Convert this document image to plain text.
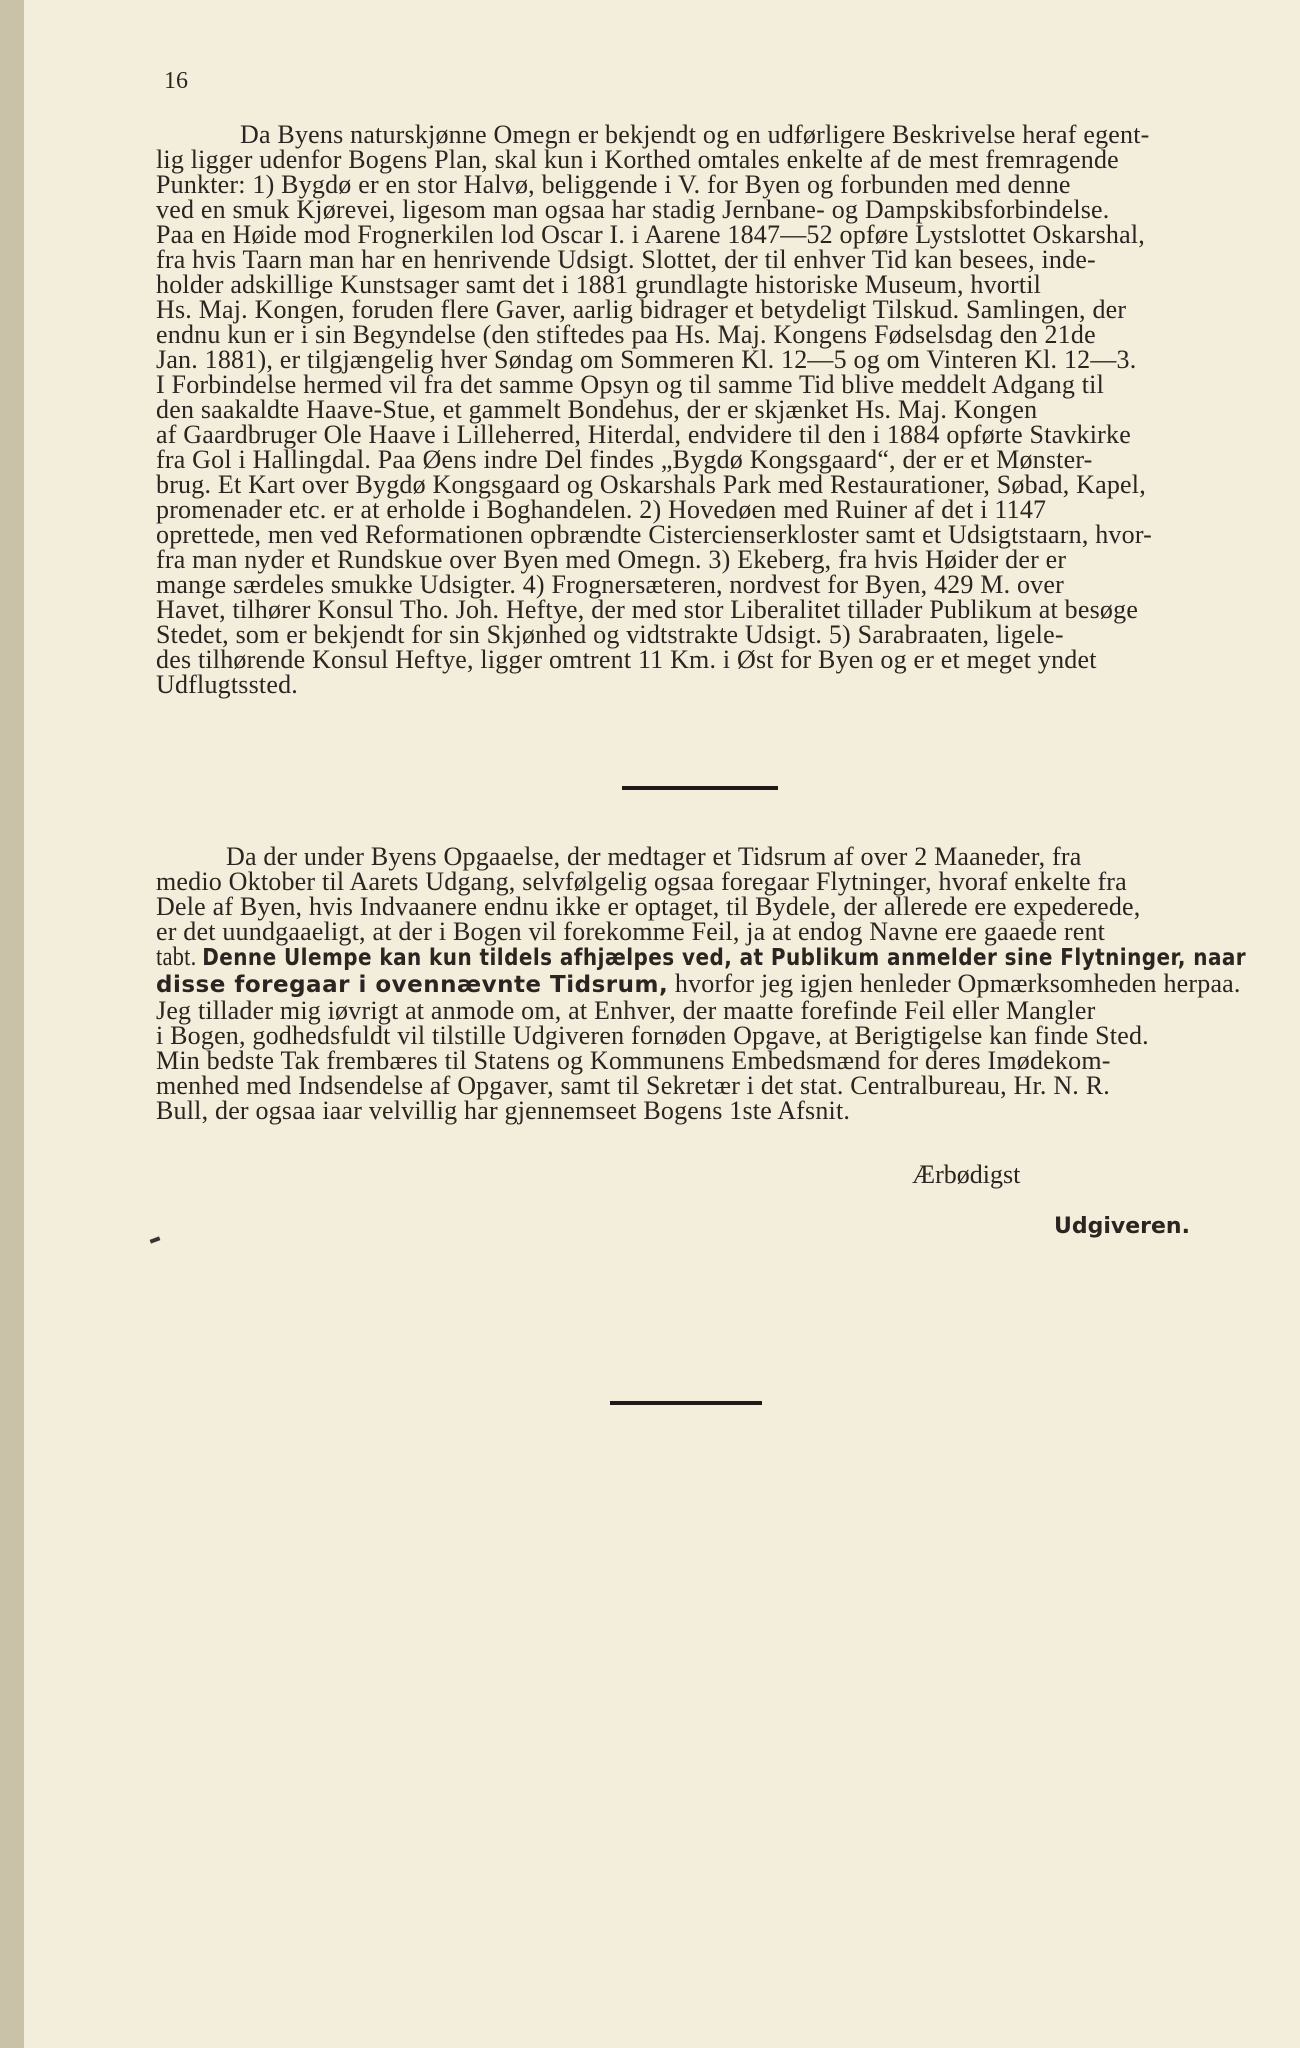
16
Da Byens naturskjønne Omegn er bekjendt og en udførligere Beskrivelse heraf egent-
lig ligger udenfor Bogens Plan, skal kun i Korthed omtales enkelte af de mest fremragende
Punkter: 1) Bygdø er en stor Halvø, beliggende i V. for Byen og forbunden med denne
ved en smuk Kjørevei, ligesom man ogsaa har stadig Jernbane- og Dampskibsforbindelse.
Paa en Høide mod Frognerkilen lod Oscar I. i Aarene 1847—52 opføre Lystslottet Oskarshal,
fra hvis Taarn man har en henrivende Udsigt. Slottet, der til enhver Tid kan besees, inde-
holder adskillige Kunstsager samt det i 1881 grundlagte historiske Museum, hvortil
Hs. Maj. Kongen, foruden flere Gaver, aarlig bidrager et betydeligt Tilskud. Samlingen, der
endnu kun er i sin Begyndelse (den stiftedes paa Hs. Maj. Kongens Fødselsdag den 21de
Jan. 1881), er tilgjængelig hver Søndag om Sommeren Kl. 12—5 og om Vinteren Kl. 12—3.
I Forbindelse hermed vil fra det samme Opsyn og til samme Tid blive meddelt Adgang til
den saakaldte Haave-Stue, et gammelt Bondehus, der er skjænket Hs. Maj. Kongen
af Gaardbruger Ole Haave i Lilleherred, Hiterdal, endvidere til den i 1884 opførte Stavkirke
fra Gol i Hallingdal. Paa Øens indre Del findes „Bygdø Kongsgaard“, der er et Mønster-
brug. Et Kart over Bygdø Kongsgaard og Oskarshals Park med Restaurationer, Søbad, Kapel,
promenader etc. er at erholde i Boghandelen. 2) Hovedøen med Ruiner af det i 1147
oprettede, men ved Reformationen opbrændte Cistercienserkloster samt et Udsigtstaarn, hvor-
fra man nyder et Rundskue over Byen med Omegn. 3) Ekeberg, fra hvis Høider der er
mange særdeles smukke Udsigter. 4) Frognersæteren, nordvest for Byen, 429 M. over
Havet, tilhører Konsul Tho. Joh. Heftye, der med stor Liberalitet tillader Publikum at besøge
Stedet, som er bekjendt for sin Skjønhed og vidtstrakte Udsigt. 5) Sarabraaten, ligele-
des tilhørende Konsul Heftye, ligger omtrent 11 Km. i Øst for Byen og er et meget yndet
Udflugtssted.
Da der under Byens Opgaaelse, der medtager et Tidsrum af over 2 Maaneder, fra
medio Oktober til Aarets Udgang, selvfølgelig ogsaa foregaar Flytninger, hvoraf enkelte fra
Dele af Byen, hvis Indvaanere endnu ikke er optaget, til Bydele, der allerede ere expederede,
er det uundgaaeligt, at der i Bogen vil forekomme Feil, ja at endog Navne ere gaaede rent
tabt. Denne Ulempe kan kun tildels afhjælpes ved, at Publikum anmelder sine Flytninger, naar
disse foregaar i ovennævnte Tidsrum, hvorfor jeg igjen henleder Opmærksomheden herpaa.
Jeg tillader mig iøvrigt at anmode om, at Enhver, der maatte forefinde Feil eller Mangler
i Bogen, godhedsfuldt vil tilstille Udgiveren fornøden Opgave, at Berigtigelse kan finde Sted.
Min bedste Tak frembæres til Statens og Kommunens Embedsmænd for deres Imødekom-
menhed med Indsendelse af Opgaver, samt til Sekretær i det stat. Centralbureau, Hr. N. R.
Bull, der ogsaa iaar velvillig har gjennemseet Bogens 1ste Afsnit.
Ærbødigst
Udgiveren.
